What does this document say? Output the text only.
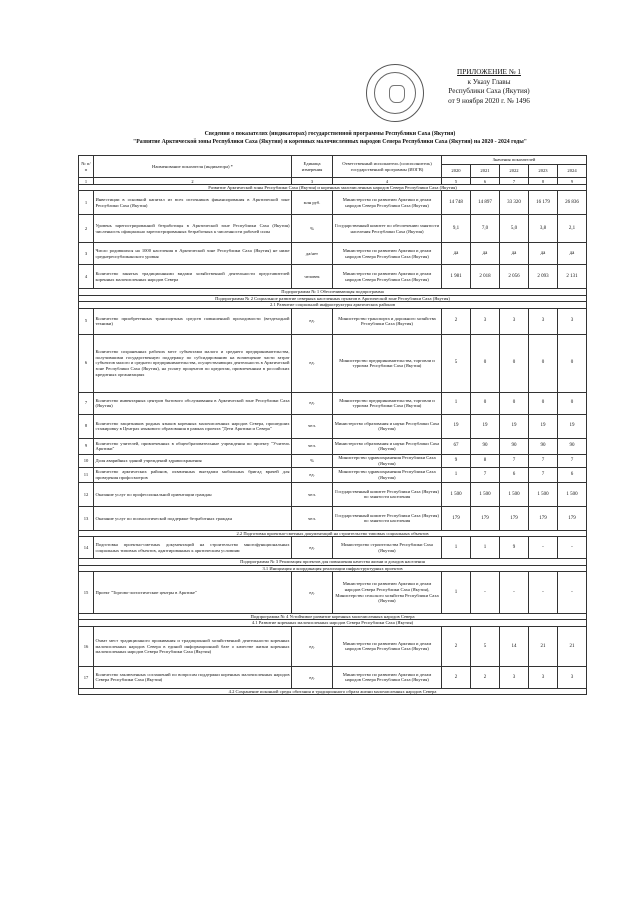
ПРИЛОЖЕНИЕ № 1
к Указу Главы
Республики Саха (Якутия)
от 9 ноября 2020 г. № 1496
Сведения о показателях (индикаторах) государственной программы Республики Саха (Якутия)
"Развитие Арктической зоны Республики Саха (Якутия) и коренных малочисленных народов Севера Республики Саха (Якутия) на 2020 - 2024 годы"
№ п/п	Наименование показателя (индикатора) *	Единица измерения	Ответственный исполнитель (соисполнитель) государственной программы (ИОГВ)	Значения показателей				
				2020	2021	2022	2023	2024
1	2	3	4	5	6	7	8	9
Развитие Арктической зоны Республики Саха (Якутия) и коренных малочисленных народов Севера Республики Саха (Якутия)								
1	Инвестиции в основной капитал из всех источников финансирования в Арктической зоне Республики Саха (Якутия)	млн руб.	Министерство по развитию Арктики и делам народов Севера Республики Саха (Якутия)	14 748	14 897	33 320	16 179	26 836
2	Уровень зарегистрированной безработицы в Арктической зоне Республики Саха (Якутия) численность официально зарегистрированных безработных к численности рабочей силы	%	Государственный комитет по обеспечению занятости населения Республики Саха (Якутия)	9,1	7,0	5,0	3,8	2,1
3	Число родившихся на 1000 населения в Арктической зоне Республики Саха (Якутия) не ниже среднереспубликанского уровня	да/нет	Министерство по развитию Арктики и делам народов Севера Республики Саха (Якутия)	да	да	да	да	да
4	Количество занятых традиционными видами хозяйственной деятельности представителей коренных малочисленных народов Севера	человек	Министерство по развитию Арктики и делам народов Севера Республики Саха (Якутия)	1 981	2 018	2 056	2 093	2 131
Подпрограмма № 1 Обеспечивающая подпрограмма								
Подпрограмма № 2 Социальное развитие северных населенных пунктов в Арктической зоне Республики Саха (Якутия)								
2.1 Развитие социальной инфраструктуры арктических районов								
5	Количество приобретенных транспортных средств повышенной проходимости (вездеходной техники)	ед.	Министерство транспорта и дорожного хозяйства Республики Саха (Якутия)	2	3	3	3	3
6	Количество сохраненных рабочих мест субъектами малого и среднего предпринимательства, получившими государственную поддержку по субсидированию на возмещение части затрат субъектов малого и среднего предпринимательства, осуществляющих деятельность в Арктической зоне Республики Саха (Якутия), на уплату процентов по кредитам, привлеченным в российских кредитных организациях	ед.	Министерство предпринимательства, торговли и туризма Республики Саха (Якутия)	5	0	0	0	0
7	Количество инвентарных центров бытового обслуживания в Арктической зоне Республики Саха (Якутия)	ед.	Министерство предпринимательства, торговли и туризма Республики Саха (Якутия)	1	0	0	0	0
8	Количество защитников родных языков коренных малочисленных народов Севера, прошедших стажировку в Центрах языкового образования в рамках проекта "Дети Арктики и Севера"	чел.	Министерство образования и науки Республики Саха (Якутия)	19	19	19	19	19
9	Количество учителей, привлеченных в общеобразовательные учреждения по проекту "Учитель Арктики"	чел.	Министерство образования и науки Республики Саха (Якутия)	67	90	90	90	90
10	Доля аварийных зданий учреждений здравоохранения	%	Министерство здравоохранения Республики Саха (Якутия)	9	8	7	7	7
11	Количество арктических районов, охваченных выездами мобильных бригад врачей для проведения профосмотров	ед.	Министерство здравоохранения Республики Саха (Якутия)	1	7	6	7	6
12	Оказание услуг по профессиональной ориентации граждан	чел.	Государственный комитет Республики Саха (Якутия) по занятости населения	1 500	1 500	1 500	1 500	1 500
13	Оказание услуг по психологической поддержке безработных граждан	чел.	Государственный комитет Республики Саха (Якутия) по занятости населения	179	179	179	179	179
2.2 Подготовка проектно-сметных документаций на строительство типовых социальных объектов								
14	Подготовка проектно-сметных документаций на строительство многофункциональных социальных типовых объектов, адаптированных к арктическим условиям	ед.	Министерство строительства Республики Саха (Якутия)	1	1	9	-	-
Подпрограмма № 3 Реализация проектов для повышения качества жизни и доходов населения								
3.1 Инициация и координация реализации инфраструктурных проектов								
15	Проект "Торгово-логистические центры в Арктике"	ед.	Министерство по развитию Арктики и делам народов Севера Республики Саха (Якутия), Министерство сельского хозяйства Республики Саха (Якутия)	1	-	-	-	-
Подпрограмма № 4 Устойчивое развитие коренных малочисленных народов Севера								
4.1 Развитие коренных малочисленных народов Севера Республики Саха (Якутия)								
16	Охват мест традиционного проживания и традиционной хозяйственной деятельности коренных малочисленных народов Севера в единой информационной базе о качестве жизни коренных малочисленных народов Севера Республики Саха (Якутия)	ед.	Министерство по развитию Арктики и делам народов Севера Республики Саха (Якутия)	2	5	14	21	21
17	Количество заключенных соглашений по вопросам поддержки коренных малочисленных народов Севера Республики Саха (Якутия)	ед.	Министерство по развитию Арктики и делам народов Севера Республики Саха (Якутия)	2	2	3	3	3
4.2 Сохранение исконной среды обитания и традиционного образа жизни малочисленных народов Севера								
